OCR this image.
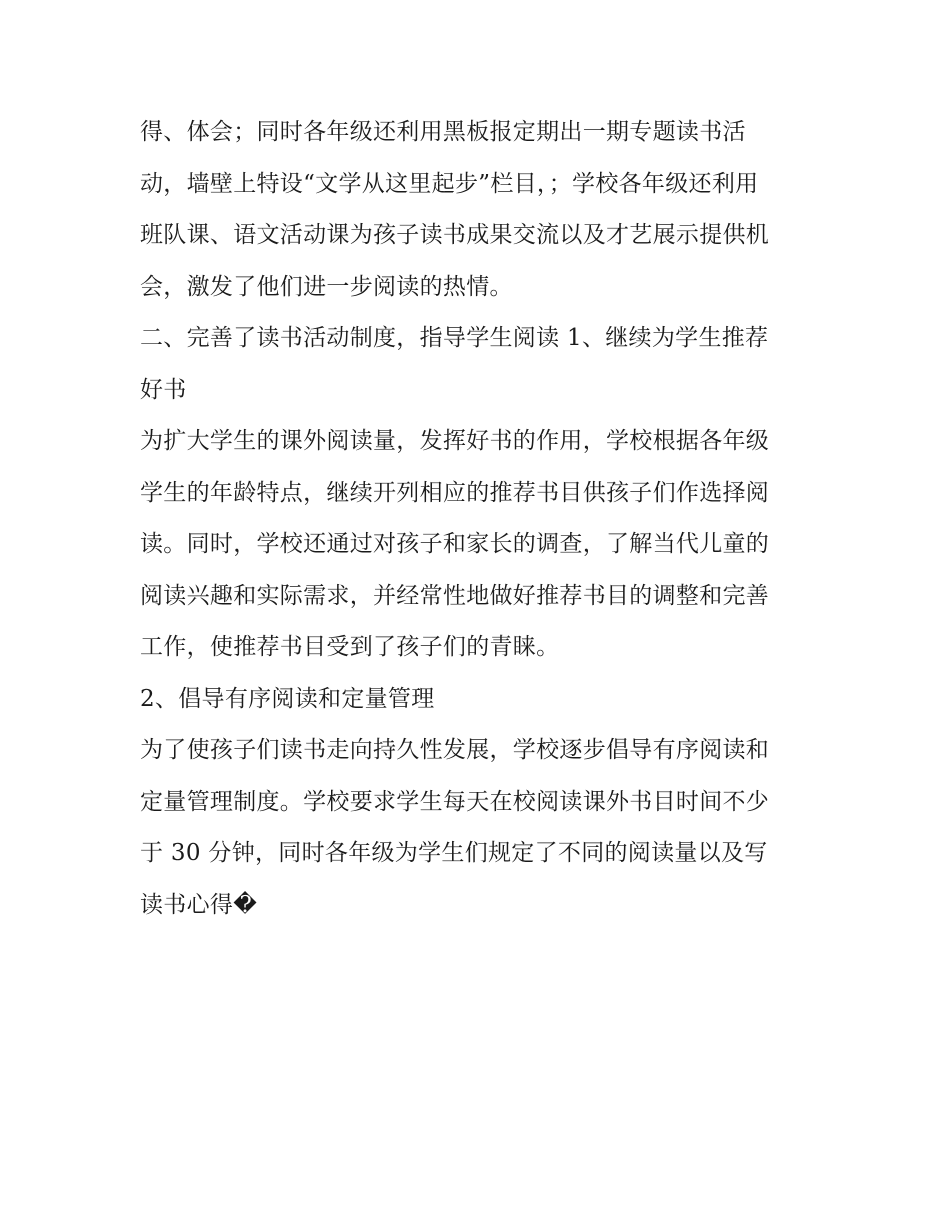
得、体会；同时各年级还利用黑板报定期出一期专题读书活
动，墙壁上特设“文学从这里起步”栏目，；学校各年级还利用
班队课、语文活动课为孩子读书成果交流以及才艺展示提供机
会，激发了他们进一步阅读的热情。
二、完善了读书活动制度，指导学生阅读 1、继续为学生推荐
好书
为扩大学生的课外阅读量，发挥好书的作用，学校根据各年级
学生的年龄特点，继续开列相应的推荐书目供孩子们作选择阅
读。同时，学校还通过对孩子和家长的调查，了解当代儿童的
阅读兴趣和实际需求，并经常性地做好推荐书目的调整和完善
工作，使推荐书目受到了孩子们的青睐。
2、倡导有序阅读和定量管理
为了使孩子们读书走向持久性发展，学校逐步倡导有序阅读和
定量管理制度。学校要求学生每天在校阅读课外书目时间不少
于 30 分钟，同时各年级为学生们规定了不同的阅读量以及写
读书心得�
